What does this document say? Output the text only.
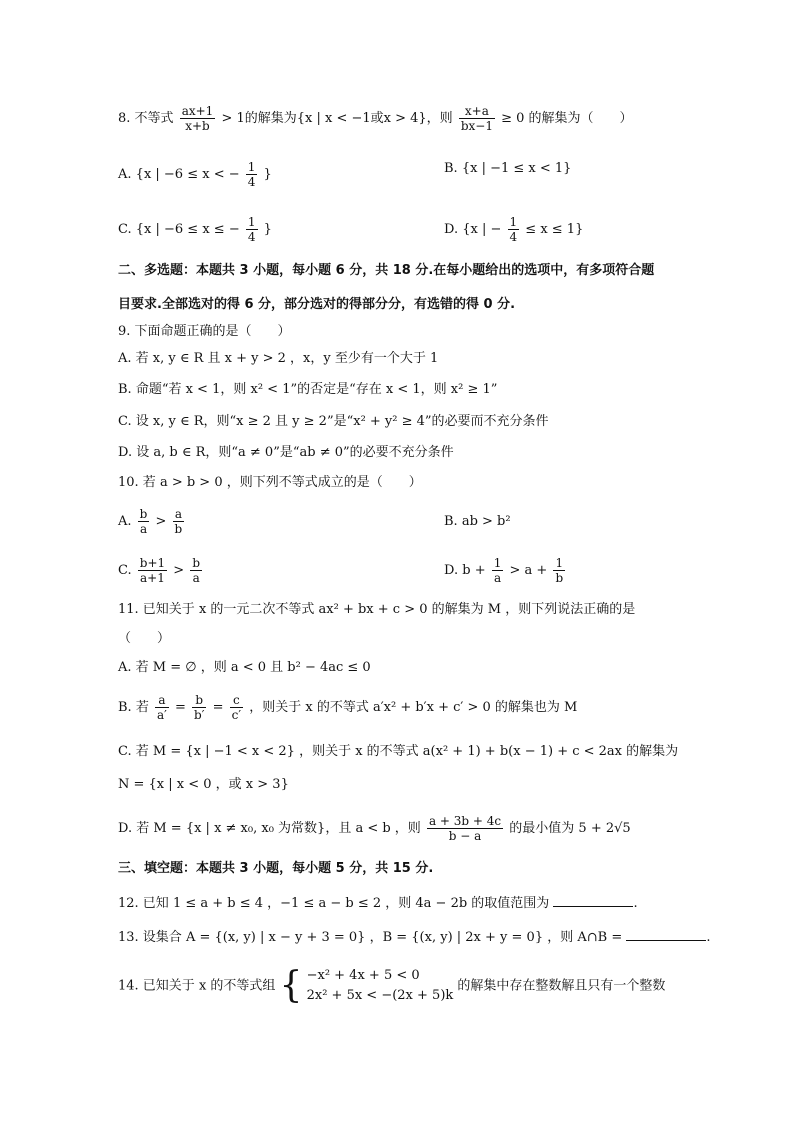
8. 不等式 $\frac{ax+1}{x+b} > 1$的解集为{x | x < −1或x > 4}，则 $\frac{x+a}{bx-1} \ge 0$ 的解集为（　　）
A. {x | −6 ≤ x < − $\frac{1}{4}$ }	B. {x | −1 ≤ x < 1}
C. {x | −6 ≤ x ≤ − $\frac{1}{4}$ }	D. {x | − $\frac{1}{4} \le x \le 1$}
二、多选题：本题共 3 小题，每小题 6 分，共 18 分.在每小题给出的选项中，有多项符合题
目要求.全部选对的得 6 分，部分选对的得部分分，有选错的得 0 分.
9. 下面命题正确的是（　　）
A. 若 x, y ∈ R 且 x + y > 2 ，x，y 至少有一个大于 1
B. 命题“若 x < 1，则 x² < 1”的否定是“存在 x < 1，则 x² ≥ 1”
C. 设 x, y ∈ R，则“x ≥ 2 且 y ≥ 2”是“x² + y² ≥ 4”的必要而不充分条件
D. 设 a, b ∈ R，则“a ≠ 0”是“ab ≠ 0”的必要不充分条件
10. 若 a > b > 0 ，则下列不等式成立的是（　　）
A. $\frac{b}{a} > \frac{a}{b}$	B. ab > b²
C. $\frac{b+1}{a+1} > \frac{b}{a}$	D. $b + \frac{1}{a} > a + \frac{1}{b}$
11. 已知关于 x 的一元二次不等式 ax² + bx + c > 0 的解集为 M ，则下列说法正确的是
（　　）
A. 若 M = ∅ ，则 a < 0 且 b² − 4ac ≤ 0
B. 若 $\frac{a}{a'} = \frac{b}{b'} = \frac{c}{c'}$ ，则关于 x 的不等式 a′x² + b′x + c′ > 0 的解集也为 M
C. 若 M = {x | −1 < x < 2} ，则关于 x 的不等式 a(x² + 1) + b(x − 1) + c < 2ax 的解集为
N = {x | x < 0 ，或 x > 3}
D. 若 M = {x | x ≠ x₀, x₀ 为常数}，且 a < b ，则 $\frac{a + 3b + 4c}{b - a}$ 的最小值为 5 + 2√5
三、填空题：本题共 3 小题，每小题 5 分，共 15 分.
12. 已知 1 ≤ a + b ≤ 4 ，−1 ≤ a − b ≤ 2 ，则 4a − 2b 的取值范围为	.
13. 设集合 A = {(x, y) | x − y + 3 = 0} ，B = {(x, y) | 2x + y = 0} ，则 A∩B =	.
14. 已知关于 x 的不等式组 { −x² + 4x + 5 < 0
2x² + 5x < −(2x + 5)k 的解集中存在整数解且只有一个整数
